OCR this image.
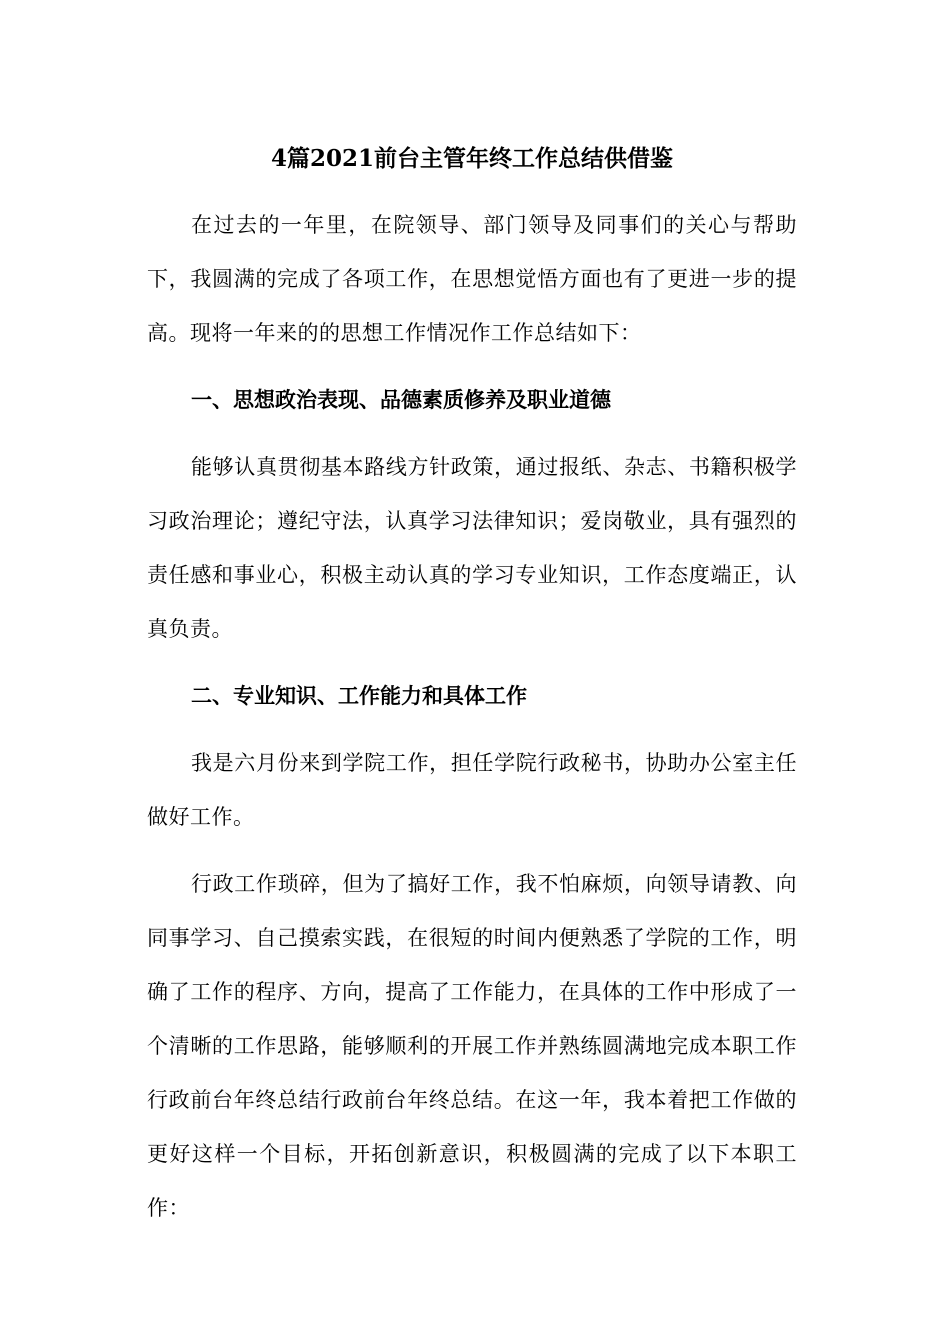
4篇2021前台主管年终工作总结供借鉴

在过去的一年里，在院领导、部门领导及同事们的关心与帮助下，我圆满的完成了各项工作，在思想觉悟方面也有了更进一步的提高。现将一年来的的思想工作情况作工作总结如下：

一、思想政治表现、品德素质修养及职业道德

能够认真贯彻基本路线方针政策，通过报纸、杂志、书籍积极学习政治理论；遵纪守法，认真学习法律知识；爱岗敬业，具有强烈的责任感和事业心，积极主动认真的学习专业知识，工作态度端正，认真负责。

二、专业知识、工作能力和具体工作

我是六月份来到学院工作，担任学院行政秘书，协助办公室主任做好工作。

行政工作琐碎，但为了搞好工作，我不怕麻烦，向领导请教、向同事学习、自己摸索实践，在很短的时间内便熟悉了学院的工作，明确了工作的程序、方向，提高了工作能力，在具体的工作中形成了一个清晰的工作思路，能够顺利的开展工作并熟练圆满地完成本职工作行政前台年终总结行政前台年终总结。在这一年，我本着把工作做的更好这样一个目标，开拓创新意识，积极圆满的完成了以下本职工作：
